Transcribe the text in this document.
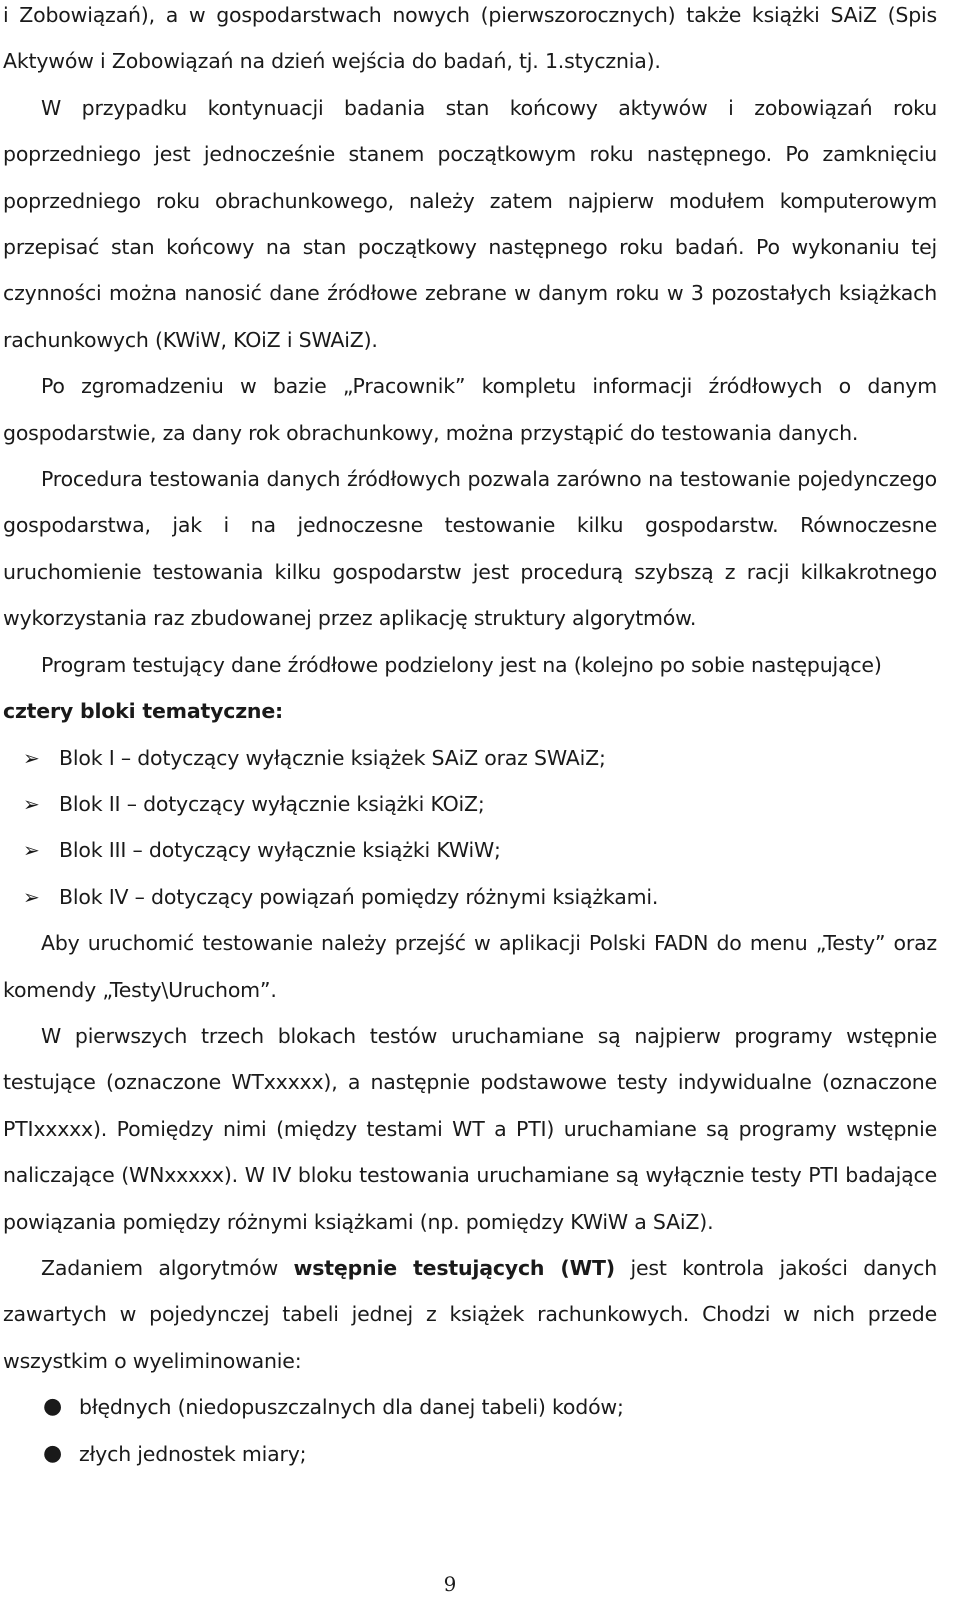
i Zobowiązań), a w gospodarstwach nowych (pierwszorocznych) także książki SAiZ (Spis Aktywów i Zobowiązań na dzień wejścia do badań, tj. 1.stycznia).

W przypadku kontynuacji badania stan końcowy aktywów i zobowiązań roku poprzedniego jest jednocześnie stanem początkowym roku następnego. Po zamknięciu poprzedniego roku obrachunkowego, należy zatem najpierw modułem komputerowym przepisać stan końcowy na stan początkowy następnego roku badań. Po wykonaniu tej czynności można nanosić dane źródłowe zebrane w danym roku w 3 pozostałych książkach rachunkowych (KWiW, KOiZ i SWAiZ).

Po zgromadzeniu w bazie „Pracownik” kompletu informacji źródłowych o danym gospodarstwie, za dany rok obrachunkowy, można przystąpić do testowania danych.

Procedura testowania danych źródłowych pozwala zarówno na testowanie pojedynczego gospodarstwa, jak i na jednoczesne testowanie kilku gospodarstw. Równoczesne uruchomienie testowania kilku gospodarstw jest procedurą szybszą z racji kilkakrotnego wykorzystania raz zbudowanej przez aplikację struktury algorytmów.

Program testujący dane źródłowe podzielony jest na (kolejno po sobie następujące)

cztery bloki tematyczne:

➢ Blok I – dotyczący wyłącznie książek SAiZ oraz SWAiZ;
➢ Blok II – dotyczący wyłącznie książki KOiZ;
➢ Blok III – dotyczący wyłącznie książki KWiW;
➢ Blok IV – dotyczący powiązań pomiędzy różnymi książkami.

Aby uruchomić testowanie należy przejść w aplikacji Polski FADN do menu „Testy” oraz komendy „Testy\Uruchom”.

W pierwszych trzech blokach testów uruchamiane są najpierw programy wstępnie testujące (oznaczone WTxxxxx), a następnie podstawowe testy indywidualne (oznaczone PTIxxxxx). Pomiędzy nimi (między testami WT a PTI) uruchamiane są programy wstępnie naliczające (WNxxxxx). W IV bloku testowania uruchamiane są wyłącznie testy PTI badające powiązania pomiędzy różnymi książkami (np. pomiędzy KWiW a SAiZ).

Zadaniem algorytmów wstępnie testujących (WT) jest kontrola jakości danych zawartych w pojedynczej tabeli jednej z książek rachunkowych. Chodzi w nich przede wszystkim o wyeliminowanie:

● błędnych (niedopuszczalnych dla danej tabeli) kodów;
● złych jednostek miary;
9
